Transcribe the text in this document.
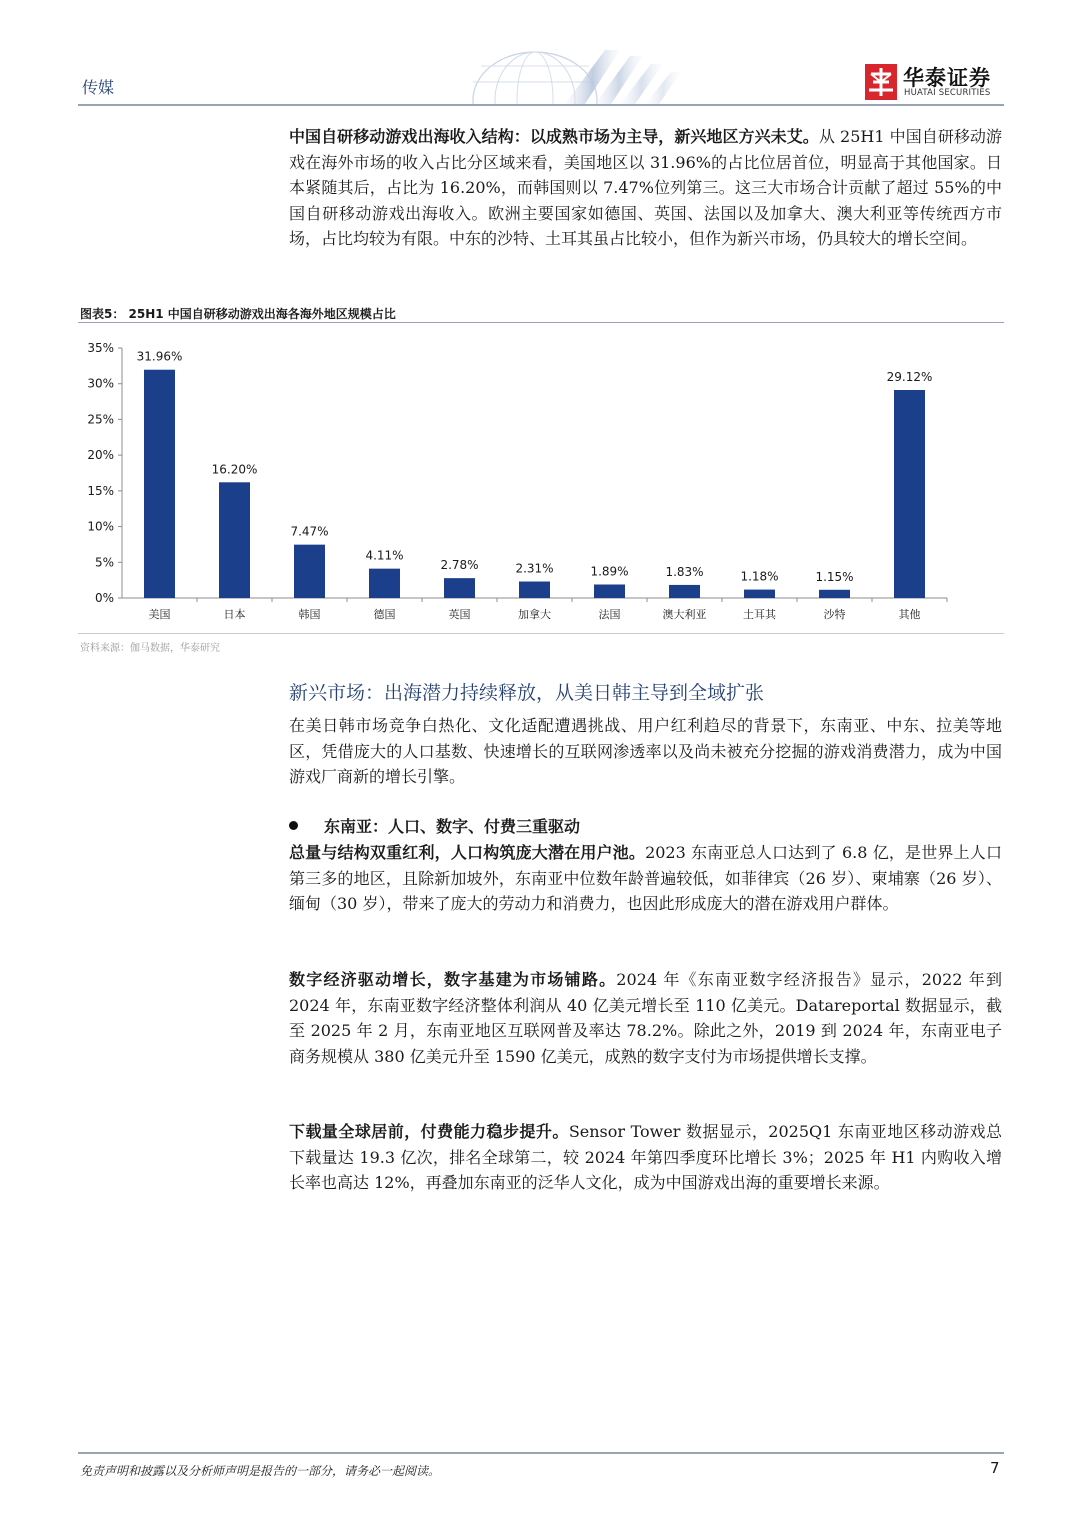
传媒	华泰证券
HUATAI SECURITIES
中国自研移动游戏出海收入结构：以成熟市场为主导，新兴地区方兴未艾。从 25H1 中国自研移动游戏在海外市场的收入占比分区域来看，美国地区以 31.96%的占比位居首位，明显高于其他国家。日本紧随其后，占比为 16.20%，而韩国则以 7.47%位列第三。这三大市场合计贡献了超过 55%的中国自研移动游戏出海收入。欧洲主要国家如德国、英国、法国以及加拿大、澳大利亚等传统西方市场，占比均较为有限。中东的沙特、土耳其虽占比较小，但作为新兴市场，仍具较大的增长空间。
图表5： 25H1 中国自研移动游戏出海各海外地区规模占比
0%
5%
10%
15%
20%
25%
30%
35%
31.96%
美国
16.20%
日本
7.47%
韩国
4.11%
德国
2.78%
英国
2.31%
加拿大
1.89%
法国
1.83%
澳大利亚
1.18%
土耳其
1.15%
沙特
29.12%
其他
资料来源：伽马数据，华泰研究
新兴市场：出海潜力持续释放，从美日韩主导到全域扩张
在美日韩市场竞争白热化、文化适配遭遇挑战、用户红利趋尽的背景下，东南亚、中东、拉美等地区，凭借庞大的人口基数、快速增长的互联网渗透率以及尚未被充分挖掘的游戏消费潜力，成为中国游戏厂商新的增长引擎。
东南亚：人口、数字、付费三重驱动
总量与结构双重红利，人口构筑庞大潜在用户池。2023 东南亚总人口达到了 6.8 亿，是世界上人口第三多的地区，且除新加坡外，东南亚中位数年龄普遍较低，如菲律宾（26 岁）、柬埔寨（26 岁）、缅甸（30 岁），带来了庞大的劳动力和消费力，也因此形成庞大的潜在游戏用户群体。
数字经济驱动增长，数字基建为市场铺路。2024 年《东南亚数字经济报告》显示，2022 年到 2024 年，东南亚数字经济整体利润从 40 亿美元增长至 110 亿美元。Datareportal 数据显示，截至 2025 年 2 月，东南亚地区互联网普及率达 78.2%。除此之外，2019 到 2024 年，东南亚电子商务规模从 380 亿美元升至 1590 亿美元，成熟的数字支付为市场提供增长支撑。
下载量全球居前，付费能力稳步提升。Sensor Tower 数据显示，2025Q1 东南亚地区移动游戏总下载量达 19.3 亿次，排名全球第二，较 2024 年第四季度环比增长 3%；2025 年 H1 内购收入增长率也高达 12%，再叠加东南亚的泛华人文化，成为中国游戏出海的重要增长来源。
免责声明和披露以及分析师声明是报告的一部分，请务必一起阅读。	7
